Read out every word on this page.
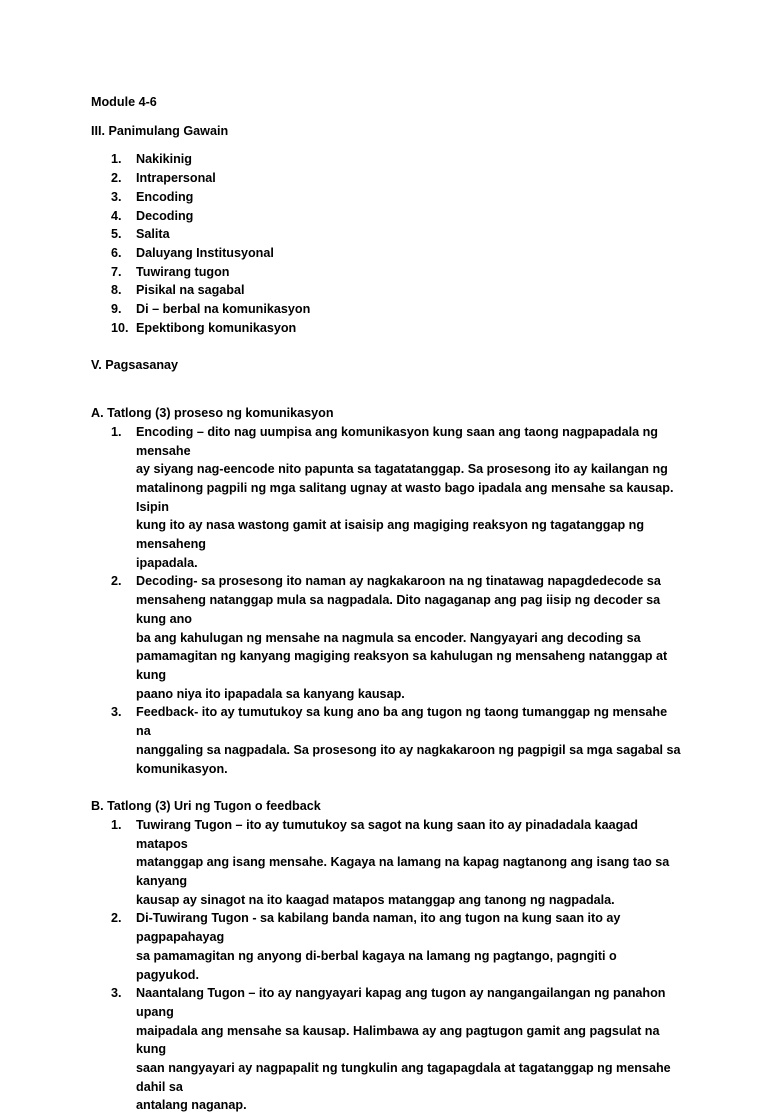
Module 4-6

III. Panimulang Gawain

1. Nakikinig
2. Intrapersonal
3. Encoding
4. Decoding
5. Salita
6. Daluyang Institusyonal
7. Tuwirang tugon
8. Pisikal na sagabal
9. Di – berbal na komunikasyon
10. Epektibong komunikasyon

V. Pagsasanay

A. Tatlong (3) proseso ng komunikasyon

1. Encoding – dito nag uumpisa ang komunikasyon kung saan ang taong nagpapadala ng mensahe
ay siyang nag-eencode nito papunta sa tagatatanggap. Sa prosesong ito ay kailangan ng
matalinong pagpili ng mga salitang ugnay at wasto bago ipadala ang mensahe sa kausap. Isipin
kung ito ay nasa wastong gamit at isaisip ang magiging reaksyon ng tagatanggap ng mensaheng
ipapadala.
2. Decoding- sa prosesong ito naman ay nagkakaroon na ng tinatawag napagdedecode sa
mensaheng natanggap mula sa nagpadala. Dito nagaganap ang pag iisip ng decoder sa kung ano
ba ang kahulugan ng mensahe na nagmula sa encoder. Nangyayari ang decoding sa
pamamagitan ng kanyang magiging reaksyon sa kahulugan ng mensaheng natanggap at kung
paano niya ito ipapadala sa kanyang kausap.
3. Feedback- ito ay tumutukoy sa kung ano ba ang tugon ng taong tumanggap ng mensahe na
nanggaling sa nagpadala. Sa prosesong ito ay nagkakaroon ng pagpigil sa mga sagabal sa
komunikasyon.

B. Tatlong (3) Uri ng Tugon o feedback

1. Tuwirang Tugon – ito ay tumutukoy sa sagot na kung saan ito ay pinadadala kaagad matapos
matanggap ang isang mensahe. Kagaya na lamang na kapag nagtanong ang isang tao sa kanyang
kausap ay sinagot na ito kaagad matapos matanggap ang tanong ng nagpadala.
2. Di-Tuwirang Tugon - sa kabilang banda naman, ito ang tugon na kung saan ito ay pagpapahayag
sa pamamagitan ng anyong di-berbal kagaya na lamang ng pagtango, pagngiti o pagyukod.
3. Naantalang Tugon – ito ay nangyayari kapag ang tugon ay nangangailangan ng panahon upang
maipadala ang mensahe sa kausap. Halimbawa ay ang pagtugon gamit ang pagsulat na kung
saan nangyayari ay nagpapalit ng tungkulin ang tagapagdala at tagatanggap ng mensahe dahil sa
antalang naganap.
